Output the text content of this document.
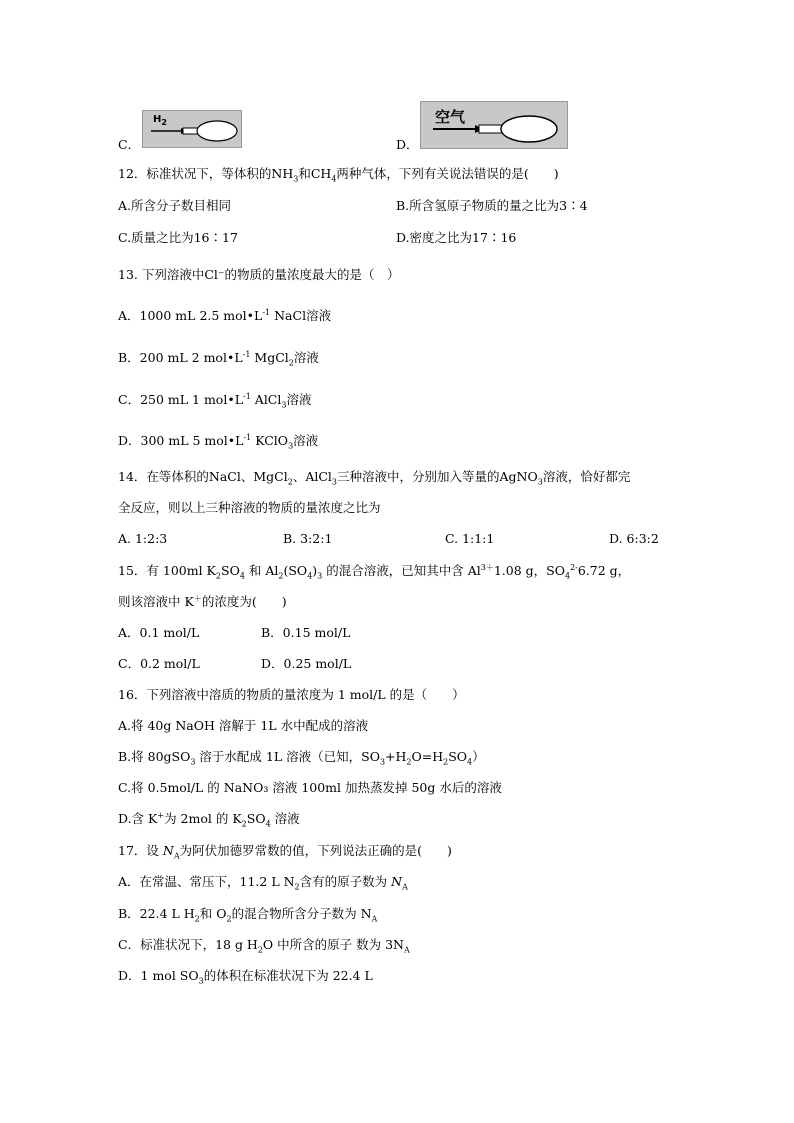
C．
$H_2$
D．
空气
12．标准状况下，等体积的$NH_3$和$CH_4$两种气体，下列有关说法错误的是(　　)
A.所含分子数目相同	B.所含氢原子物质的量之比为3∶4
C.质量之比为16∶17	D.密度之比为17∶16
13. 下列溶液中Cl⁻的物质的量浓度最大的是（　）
A．1000 mL 2.5 $mol•L^{-1}$ NaCl溶液
B．200 mL 2 $mol•L^{-1}$ MgCl$_2$溶液
C．250 mL 1 $mol•L^{-1}$ AlCl$_3$溶液
D．300 mL 5 $mol•L^{-1}$ KClO$_3$溶液
14．在等体积的NaCl、MgCl$_2$、AlCl$_3$三种溶液中，分别加入等量的AgNO$_3$溶液，恰好都完
全反应，则以上三种溶液的物质的量浓度之比为
A. 1:2:3	B. 3:2:1	C. 1:1:1	D. 6:3:2
15．有 100ml $K_2SO_4$ 和 $Al_2(SO_4)_3$ 的混合溶液，已知其中含 $Al^{3+}1.08$ g，$SO_4^{2-}6.72$ g，
则该溶液中 K＋的浓度为(　　)
A．0.1 mol/L	B．0.15 mol/L
C．0.2 mol/L	D．0.25 mol/L
16．下列溶液中溶质的物质的量浓度为 1 mol/L 的是（　　）
A.将 40g NaOH 溶解于 1L 水中配成的溶液
B.将 80gSO$_3$ 溶于水配成 1L 溶液（已知，$SO_3+H_2O=H_2SO_4$）
C.将 0.5mol/L 的 NaNO₃ 溶液 100ml 加热蒸发掉 50g 水后的溶液
D.含 K+为 2mol 的 $K_2SO_4$ 溶液
17．设 $N_A$为阿伏加德罗常数的值，下列说法正确的是(　　)
A．在常温、常压下，11.2 L $N_2$含有的原子数为 $N_A$
B．22.4 L $H_2$和 $O_2$的混合物所含分子数为 $N_A$
C．标准状况下，18 g $H_2O$ 中所含的原子 数为 $3N_A$
D．1 mol $SO_3$的体积在标准状况下为 22.4 L
